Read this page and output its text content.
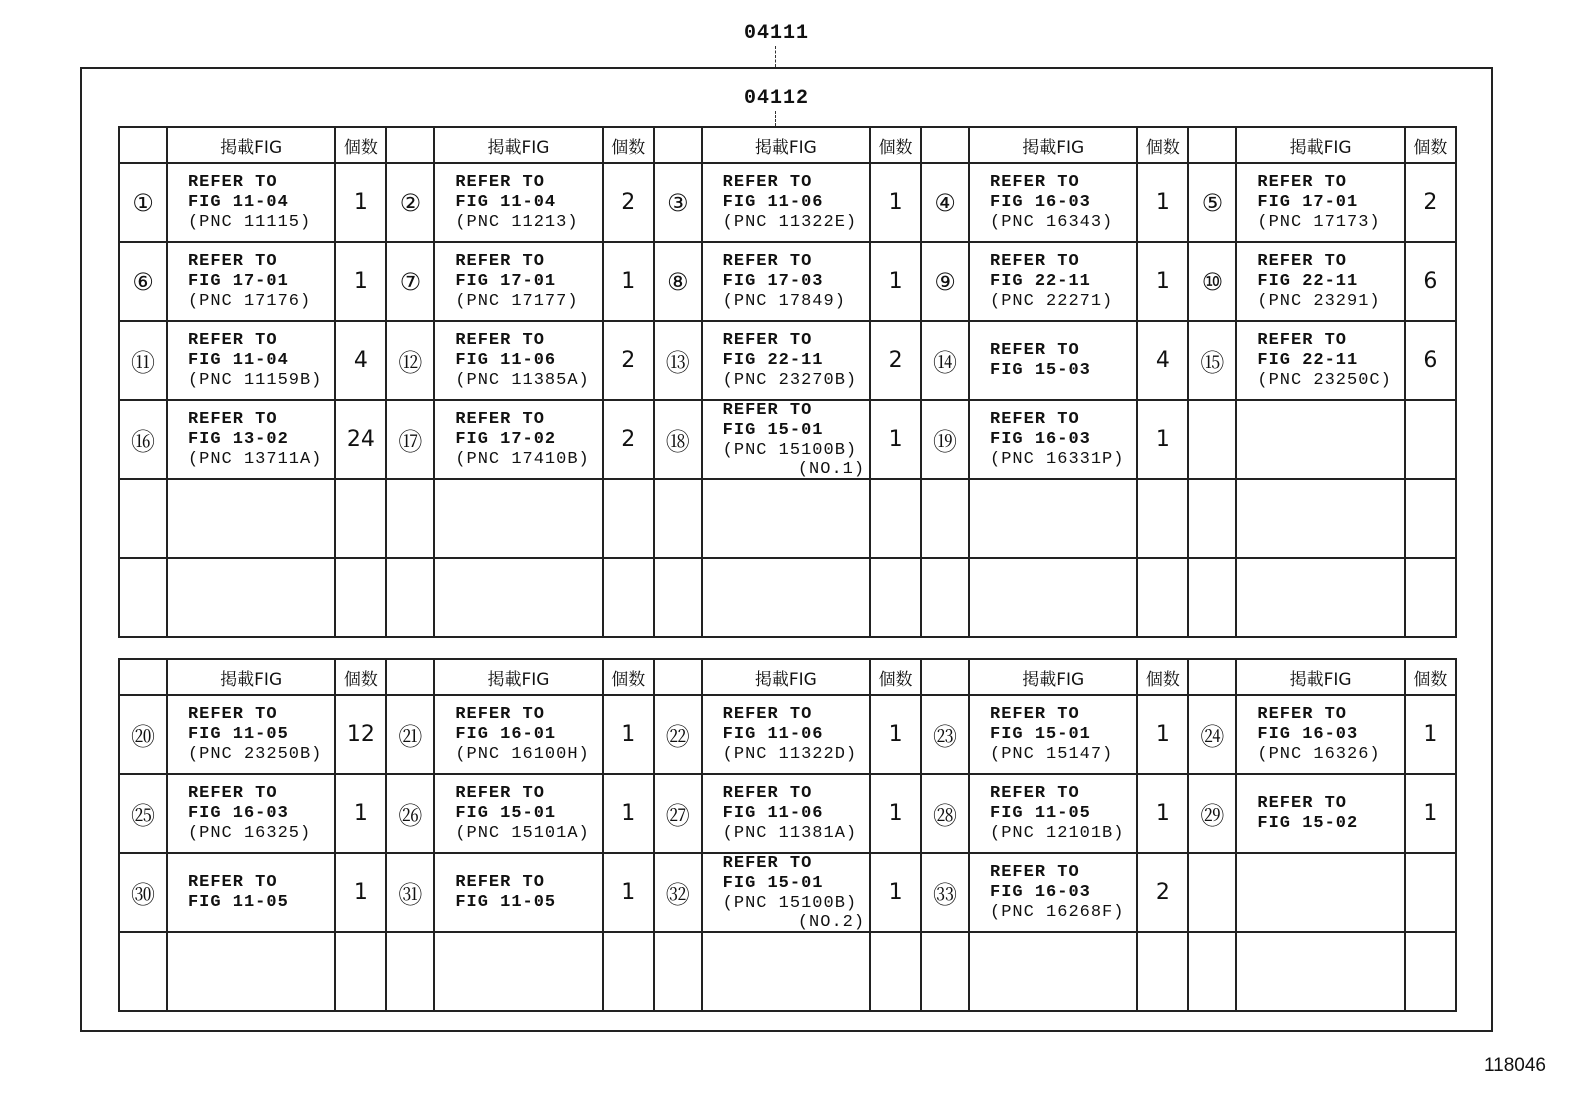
04111
04112
	掲載FIG	個数		掲載FIG	個数		掲載FIG	個数		掲載FIG	個数		掲載FIG	個数
①	REFER TO
FIG 11-04
(PNC 11115)	1	②	REFER TO
FIG 11-04
(PNC 11213)	2	③	REFER TO
FIG 11-06
(PNC 11322E)	1	④	REFER TO
FIG 16-03
(PNC 16343)	1	⑤	REFER TO
FIG 17-01
(PNC 17173)	2
⑥	REFER TO
FIG 17-01
(PNC 17176)	1	⑦	REFER TO
FIG 17-01
(PNC 17177)	1	⑧	REFER TO
FIG 17-03
(PNC 17849)	1	⑨	REFER TO
FIG 22-11
(PNC 22271)	1	⑩	REFER TO
FIG 22-11
(PNC 23291)	6
⑪	REFER TO
FIG 11-04
(PNC 11159B)	4	⑫	REFER TO
FIG 11-06
(PNC 11385A)	2	⑬	REFER TO
FIG 22-11
(PNC 23270B)	2	⑭	REFER TO
FIG 15-03	4	⑮	REFER TO
FIG 22-11
(PNC 23250C)	6
⑯	REFER TO
FIG 13-02
(PNC 13711A)	24	⑰	REFER TO
FIG 17-02
(PNC 17410B)	2	⑱	REFER TO
FIG 15-01
(PNC 15100B)
(NO.1)	1	⑲	REFER TO
FIG 16-03
(PNC 16331P)	1			

	掲載FIG	個数		掲載FIG	個数		掲載FIG	個数		掲載FIG	個数		掲載FIG	個数
⑳	REFER TO
FIG 11-05
(PNC 23250B)	12	㉑	REFER TO
FIG 16-01
(PNC 16100H)	1	㉒	REFER TO
FIG 11-06
(PNC 11322D)	1	㉓	REFER TO
FIG 15-01
(PNC 15147)	1	㉔	REFER TO
FIG 16-03
(PNC 16326)	1
㉕	REFER TO
FIG 16-03
(PNC 16325)	1	㉖	REFER TO
FIG 15-01
(PNC 15101A)	1	㉗	REFER TO
FIG 11-06
(PNC 11381A)	1	㉘	REFER TO
FIG 11-05
(PNC 12101B)	1	㉙	REFER TO
FIG 15-02	1
㉚	REFER TO
FIG 11-05	1	㉛	REFER TO
FIG 11-05	1	㉜	REFER TO
FIG 15-01
(PNC 15100B)
(NO.2)	1	㉝	REFER TO
FIG 16-03
(PNC 16268F)	2			

118046
